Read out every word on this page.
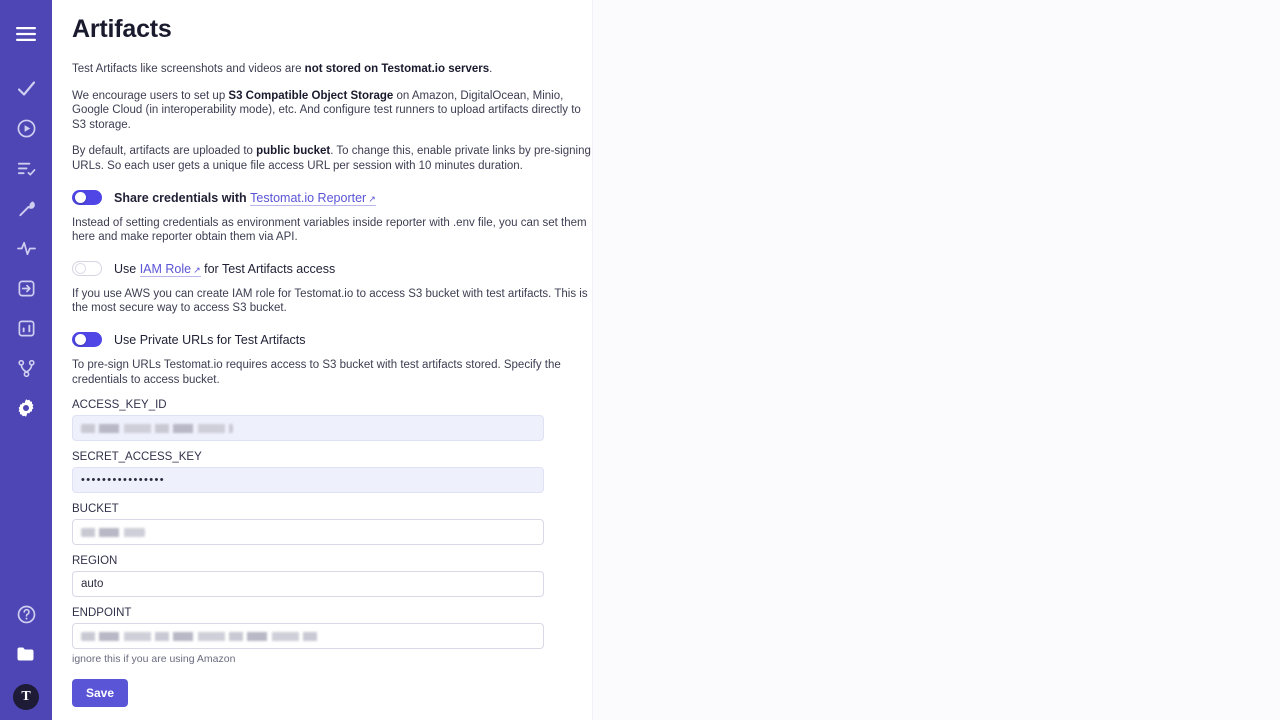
T
Artifacts

Test Artifacts like screenshots and videos are not stored on Testomat.io servers.

We encourage users to set up S3 Compatible Object Storage on Amazon, DigitalOcean, Minio, Google Cloud (in interoperability mode), etc. And configure test runners to upload artifacts directly to S3 storage.

By default, artifacts are uploaded to public bucket. To change this, enable private links by pre-signing URLs. So each user gets a unique file access URL per session with 10 minutes duration.

Share credentials with Testomat.io Reporter ↗

Instead of setting credentials as environment variables inside reporter with .env file, you can set them here and make reporter obtain them via API.

Use IAM Role ↗ for Test Artifacts access

If you use AWS you can create IAM role for Testomat.io to access S3 bucket with test artifacts. This is the most secure way to access S3 bucket.

Use Private URLs for Test Artifacts

To pre-sign URLs Testomat.io requires access to S3 bucket with test artifacts stored. Specify the credentials to access bucket.

ACCESS_KEY_ID
SECRET_ACCESS_KEY
••••••••••••••••
BUCKET
REGION
auto
ENDPOINT
ignore this if you are using Amazon
Save
